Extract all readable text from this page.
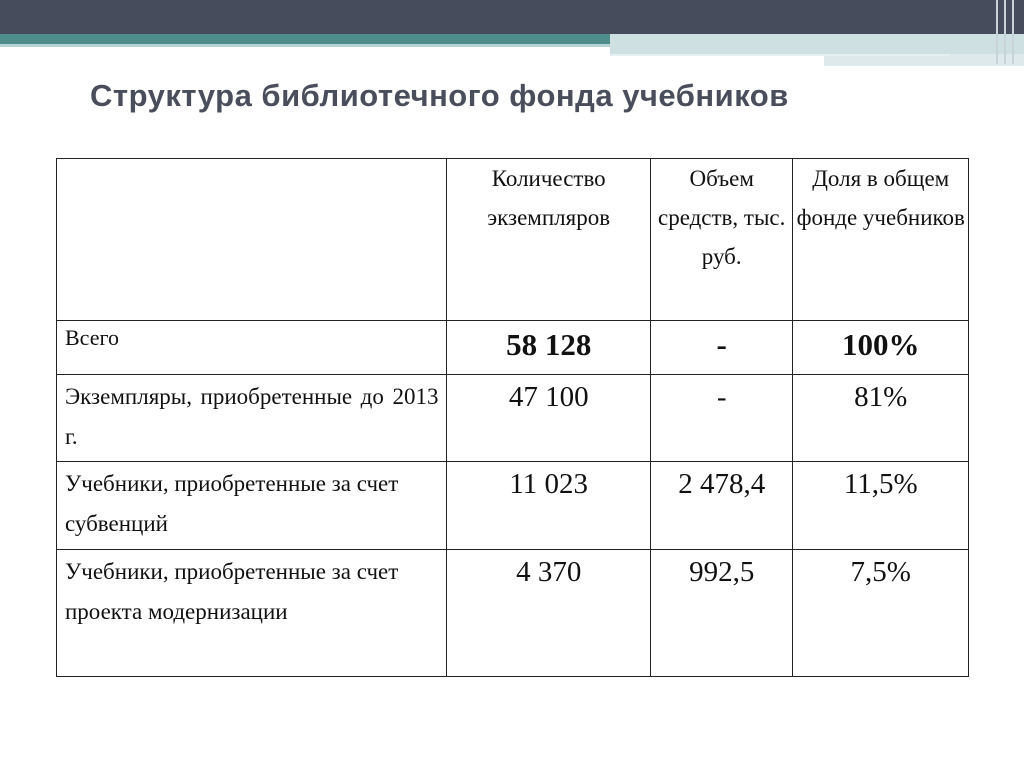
Структура библиотечного фонда учебников
	Количество экземпляров	Объем средств, тыс. руб.	Доля в общем фонде учебников
Всего	58 128	-	100%
Экземпляры, приобретенные до 2013 г.	47 100	-	81%
Учебники, приобретенные за счет субвенций	11 023	2 478,4	11,5%
Учебники, приобретенные за счет проекта модернизации	4 370	992,5	7,5%
